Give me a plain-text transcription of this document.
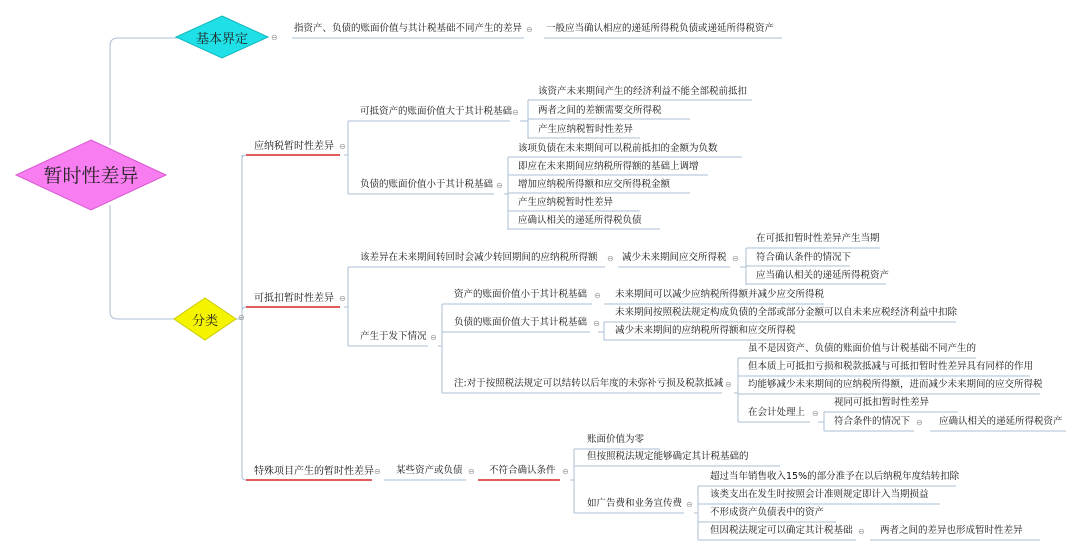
暂时性差异
基本界定	⊖
分类	⊖
指资产、负债的账面价值与其计税基础不同产生的差异 ⊖ 一般应当确认相应的递延所得税负债或递延所得税资产
应纳税暂时性差异 ⊖
可抵资产的账面价值大于其计税基础 ⊖
该资产未来期间产生的经济利益不能全部税前抵扣
两者之间的差额需要交所得税
产生应纳税暂时性差异
负债的账面价值小于其计税基础 ⊖
该项负债在未来期间可以税前抵扣的金额为负数
即应在未来期间应纳税所得额的基础上调增
增加应纳税所得额和应交所得税金额
产生应纳税暂时性差异
应确认相关的递延所得税负债
可抵扣暂时性差异 ⊖
该差异在未来期间转回时会减少转回期间的应纳税所得额 ⊖ 减少未来期间应交所得税 ⊖
在可抵扣暂时性差异产生当期
符合确认条件的情况下
应当确认相关的递延所得税资产
产生于发下情况 ⊖
资产的账面价值小于其计税基础 ⊖ 未来期间可以减少应纳税所得额并减少应交所得税
负债的账面价值大于其计税基础 ⊖
未来期间按照税法规定构成负债的全部或部分金额可以自未来应税经济利益中扣除
减少未来期间的应纳税所得额和应交所得税
注:对于按照税法规定可以结转以后年度的未弥补亏损及税款抵减 ⊖
虽不是因资产、负债的账面价值与计税基础不同产生的
但本质上可抵扣亏损和税款抵减与可抵扣暂时性差异具有同样的作用
均能够减少未来期间的应纳税所得额，进而减少未来期间的应交所得税
在会计处理上 ⊖
视同可抵扣暂时性差异
符合条件的情况下 ⊖ 应确认相关的递延所得税资产
特殊项目产生的暂时性差异 ⊖ 某些资产或负债 ⊖ 不符合确认条件 ⊖
账面价值为零
但按照税法规定能够确定其计税基础的
如广告费和业务宣传费 ⊖
超过当年销售收入15%的部分准予在以后纳税年度结转扣除
该类支出在发生时按照会计准则规定即计入当期损益
不形成资产负债表中的资产
但因税法规定可以确定其计税基础 ⊖ 两者之间的差异也形成暂时性差异
